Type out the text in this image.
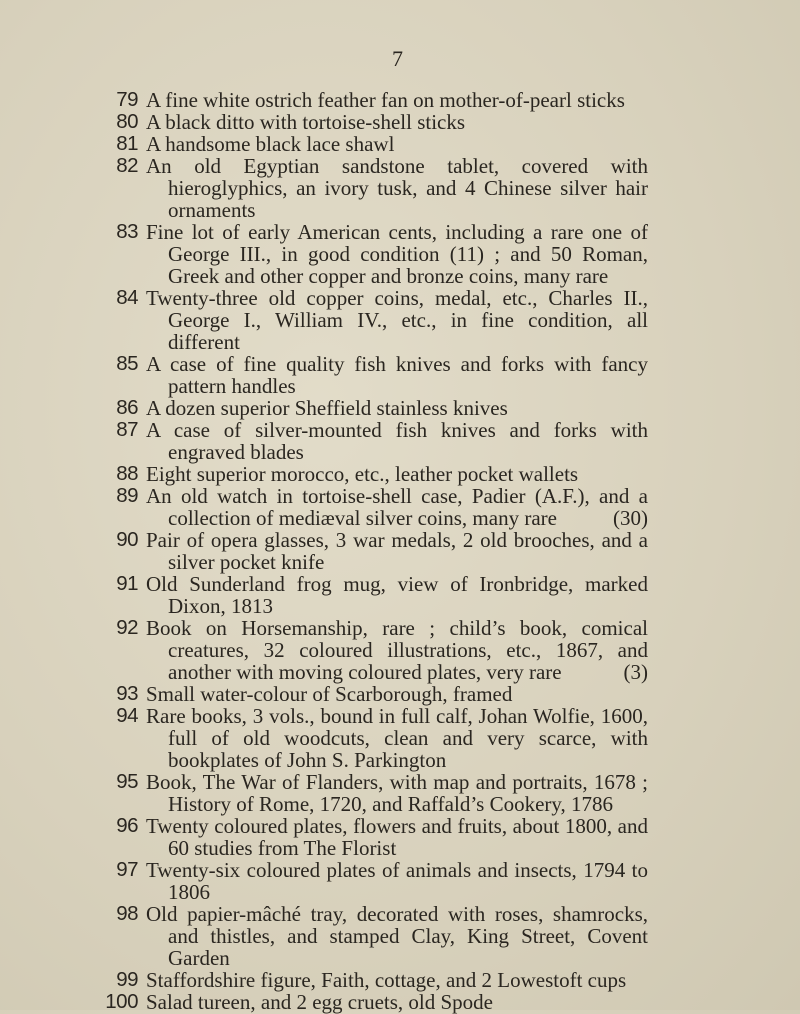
7
79 A fine white ostrich feather fan on mother-of-pearl sticks
80 A black ditto with tortoise-shell sticks
81 A handsome black lace shawl
82 An old Egyptian sandstone tablet, covered with hieroglyphics, an ivory tusk, and 4 Chinese silver hair ornaments
83 Fine lot of early American cents, including a rare one of George III., in good condition (11) ; and 50 Roman, Greek and other copper and bronze coins, many rare
84 Twenty-three old copper coins, medal, etc., Charles II., George I., William IV., etc., in fine condition, all different
85 A case of fine quality fish knives and forks with fancy pattern handles
86 A dozen superior Sheffield stainless knives
87 A case of silver-mounted fish knives and forks with engraved blades
88 Eight superior morocco, etc., leather pocket wallets
89 An old watch in tortoise-shell case, Padier (A.F.), and a collection of mediæval silver coins, many rare	(30)
90 Pair of opera glasses, 3 war medals, 2 old brooches, and a silver pocket knife
91 Old Sunderland frog mug, view of Ironbridge, marked Dixon, 1813
92 Book on Horsemanship, rare ; child’s book, comical creatures, 32 coloured illustrations, etc., 1867, and another with moving coloured plates, very rare	(3)
93 Small water-colour of Scarborough, framed
94 Rare books, 3 vols., bound in full calf, Johan Wolfie, 1600, full of old woodcuts, clean and very scarce, with bookplates of John S. Parkington
95 Book, The War of Flanders, with map and portraits, 1678 ; History of Rome, 1720, and Raffald’s Cookery, 1786
96 Twenty coloured plates, flowers and fruits, about 1800, and 60 studies from The Florist
97 Twenty-six coloured plates of animals and insects, 1794 to 1806
98 Old papier-mâché tray, decorated with roses, shamrocks, and thistles, and stamped Clay, King Street, Covent Garden
99 Staffordshire figure, Faith, cottage, and 2 Lowestoft cups
100 Salad tureen, and 2 egg cruets, old Spode
